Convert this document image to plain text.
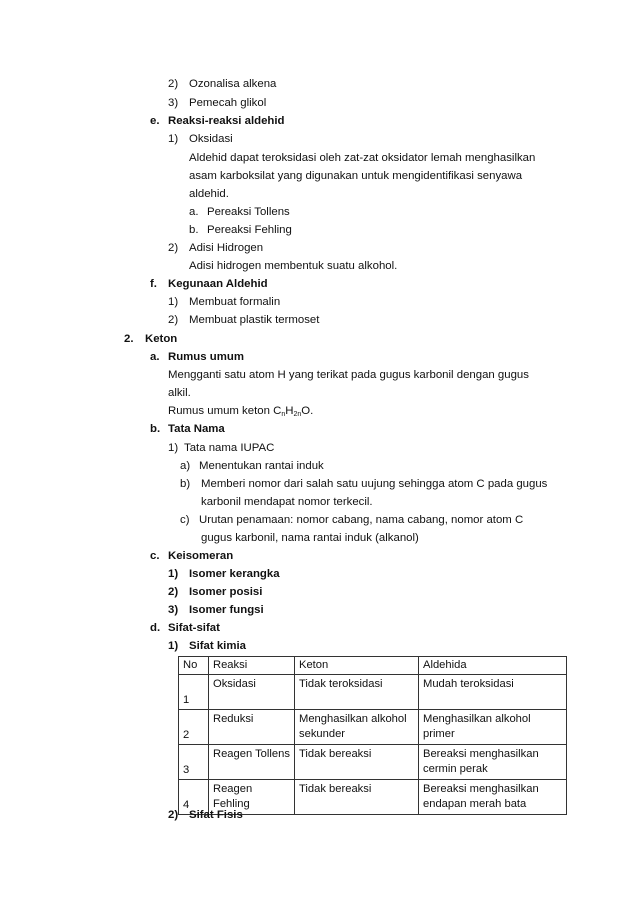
2) Ozonalisa alkena
3) Pemecah glikol
e. Reaksi-reaksi aldehid
1) Oksidasi
Aldehid dapat teroksidasi oleh zat-zat oksidator lemah menghasilkan
asam karboksilat yang digunakan untuk mengidentifikasi senyawa
aldehid.
a. Pereaksi Tollens
b. Pereaksi Fehling
2) Adisi Hidrogen
Adisi hidrogen membentuk suatu alkohol.
f. Kegunaan Aldehid
1) Membuat formalin
2) Membuat plastik termoset
2. Keton
a. Rumus umum
Mengganti satu atom H yang terikat pada gugus karbonil dengan gugus
alkil.
Rumus umum keton $C_nH_{2n}O$.
b. Tata Nama
1) Tata nama IUPAC
a) Menentukan rantai induk
b) Memberi nomor dari salah satu uujung sehingga atom C pada gugus
karbonil mendapat nomor terkecil.
c) Urutan penamaan: nomor cabang, nama cabang, nomor atom C
gugus karbonil, nama rantai induk (alkanol)
c. Keisomeran
1) Isomer kerangka
2) Isomer posisi
3) Isomer fungsi
d. Sifat-sifat
1) Sifat kimia
No	Reaksi	Keton	Aldehida
1	Oksidasi	Tidak teroksidasi	Mudah teroksidasi
2	Reduksi	Menghasilkan alkohol sekunder	Menghasilkan alkohol primer
3	Reagen Tollens	Tidak bereaksi	Bereaksi menghasilkan cermin perak
4	Reagen Fehling	Tidak bereaksi	Bereaksi menghasilkan endapan merah bata
2) Sifat Fisis
